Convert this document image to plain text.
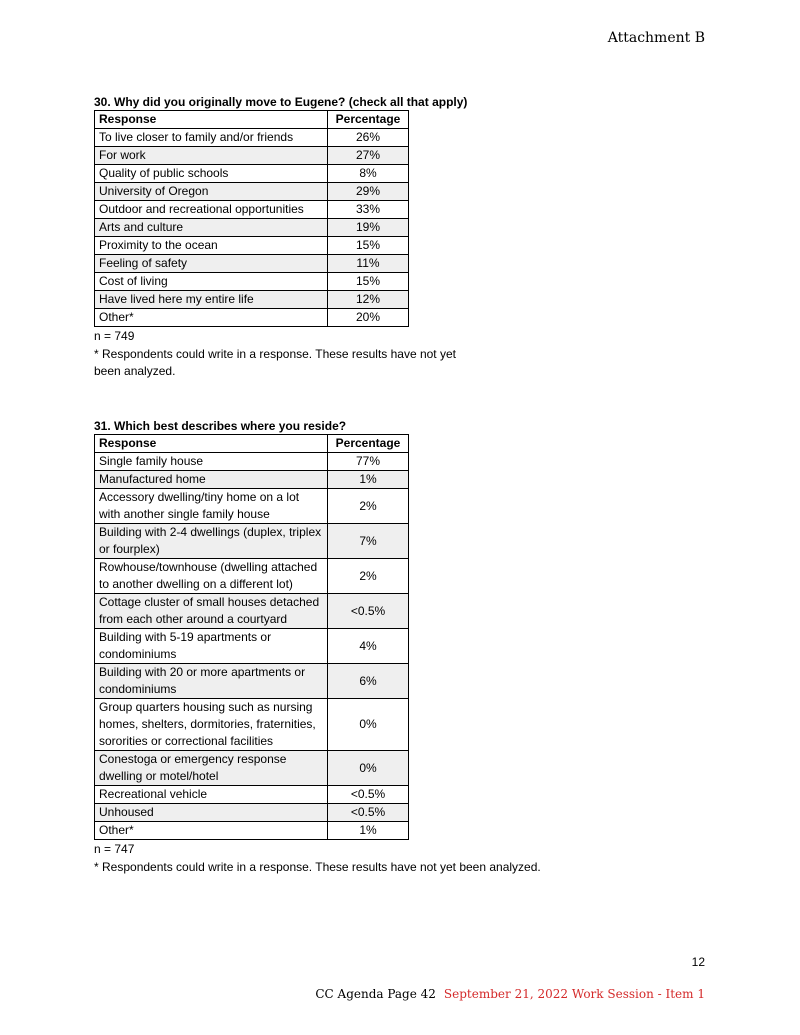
Attachment B
30. Why did you originally move to Eugene? (check all that apply)
Response	Percentage
To live closer to family and/or friends	26%
For work	27%
Quality of public schools	8%
University of Oregon	29%
Outdoor and recreational opportunities	33%
Arts and culture	19%
Proximity to the ocean	15%
Feeling of safety	11%
Cost of living	15%
Have lived here my entire life	12%
Other*	20%
n = 749
* Respondents could write in a response. These results have not yet been analyzed.
31. Which best describes where you reside?
Response	Percentage
Single family house	77%
Manufactured home	1%
Accessory dwelling/tiny home on a lot with another single family house	2%
Building with 2-4 dwellings (duplex, triplex or fourplex)	7%
Rowhouse/townhouse (dwelling attached to another dwelling on a different lot)	2%
Cottage cluster of small houses detached from each other around a courtyard	<0.5%
Building with 5-19 apartments or condominiums	4%
Building with 20 or more apartments or condominiums	6%
Group quarters housing such as nursing homes, shelters, dormitories, fraternities, sororities or correctional facilities	0%
Conestoga or emergency response dwelling or motel/hotel	0%
Recreational vehicle	<0.5%
Unhoused	<0.5%
Other*	1%
n = 747
* Respondents could write in a response. These results have not yet been analyzed.
12
CC Agenda Page 42 September 21, 2022 Work Session - Item 1
